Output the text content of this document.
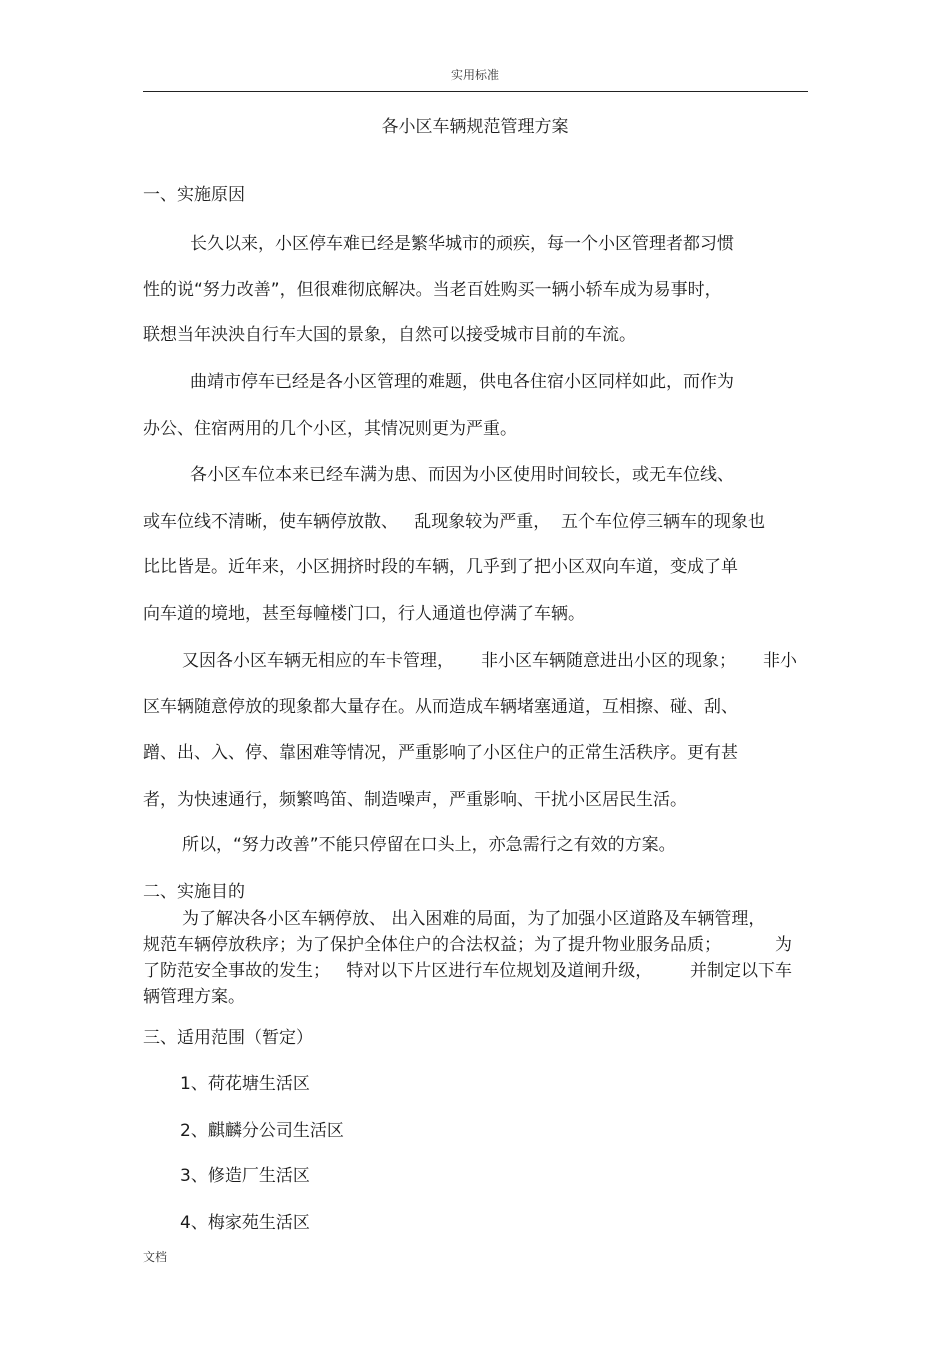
实用标准
各小区车辆规范管理方案
一、实施原因
长久以来，小区停车难已经是繁华城市的顽疾，每一个小区管理者都习惯
性的说“努力改善”，但很难彻底解决。当老百姓购买一辆小轿车成为易事时，
联想当年泱泱自行车大国的景象，自然可以接受城市目前的车流。
曲靖市停车已经是各小区管理的难题，供电各住宿小区同样如此，而作为
办公、住宿两用的几个小区，其情况则更为严重。
各小区车位本来已经车满为患、而因为小区使用时间较长，或无车位线、
或车位线不清晰，使车辆停放散、   乱现象较为严重，  五个车位停三辆车的现象也
比比皆是。近年来，小区拥挤时段的车辆，几乎到了把小区双向车道，变成了单
向车道的境地，甚至每幢楼门口，行人通道也停满了车辆。
又因各小区车辆无相应的车卡管理，     非小区车辆随意进出小区的现象；     非小
区车辆随意停放的现象都大量存在。从而造成车辆堵塞通道，互相擦、碰、刮、
蹭、出、入、停、靠困难等情况，严重影响了小区住户的正常生活秩序。更有甚
者，为快速通行，频繁鸣笛、制造噪声，严重影响、干扰小区居民生活。
所以，“努力改善”不能只停留在口头上，亦急需行之有效的方案。
二、实施目的
为了解决各小区车辆停放、 出入困难的局面，为了加强小区道路及车辆管理，
规范车辆停放秩序；为了保护全体住户的合法权益；为了提升物业服务品质；          为
了防范安全事故的发生；   特对以下片区进行车位规划及道闸升级，       并制定以下车
辆管理方案。
三、适用范围（暂定）
1、荷花塘生活区
2、麒麟分公司生活区
3、修造厂生活区
4、梅家苑生活区
文档
